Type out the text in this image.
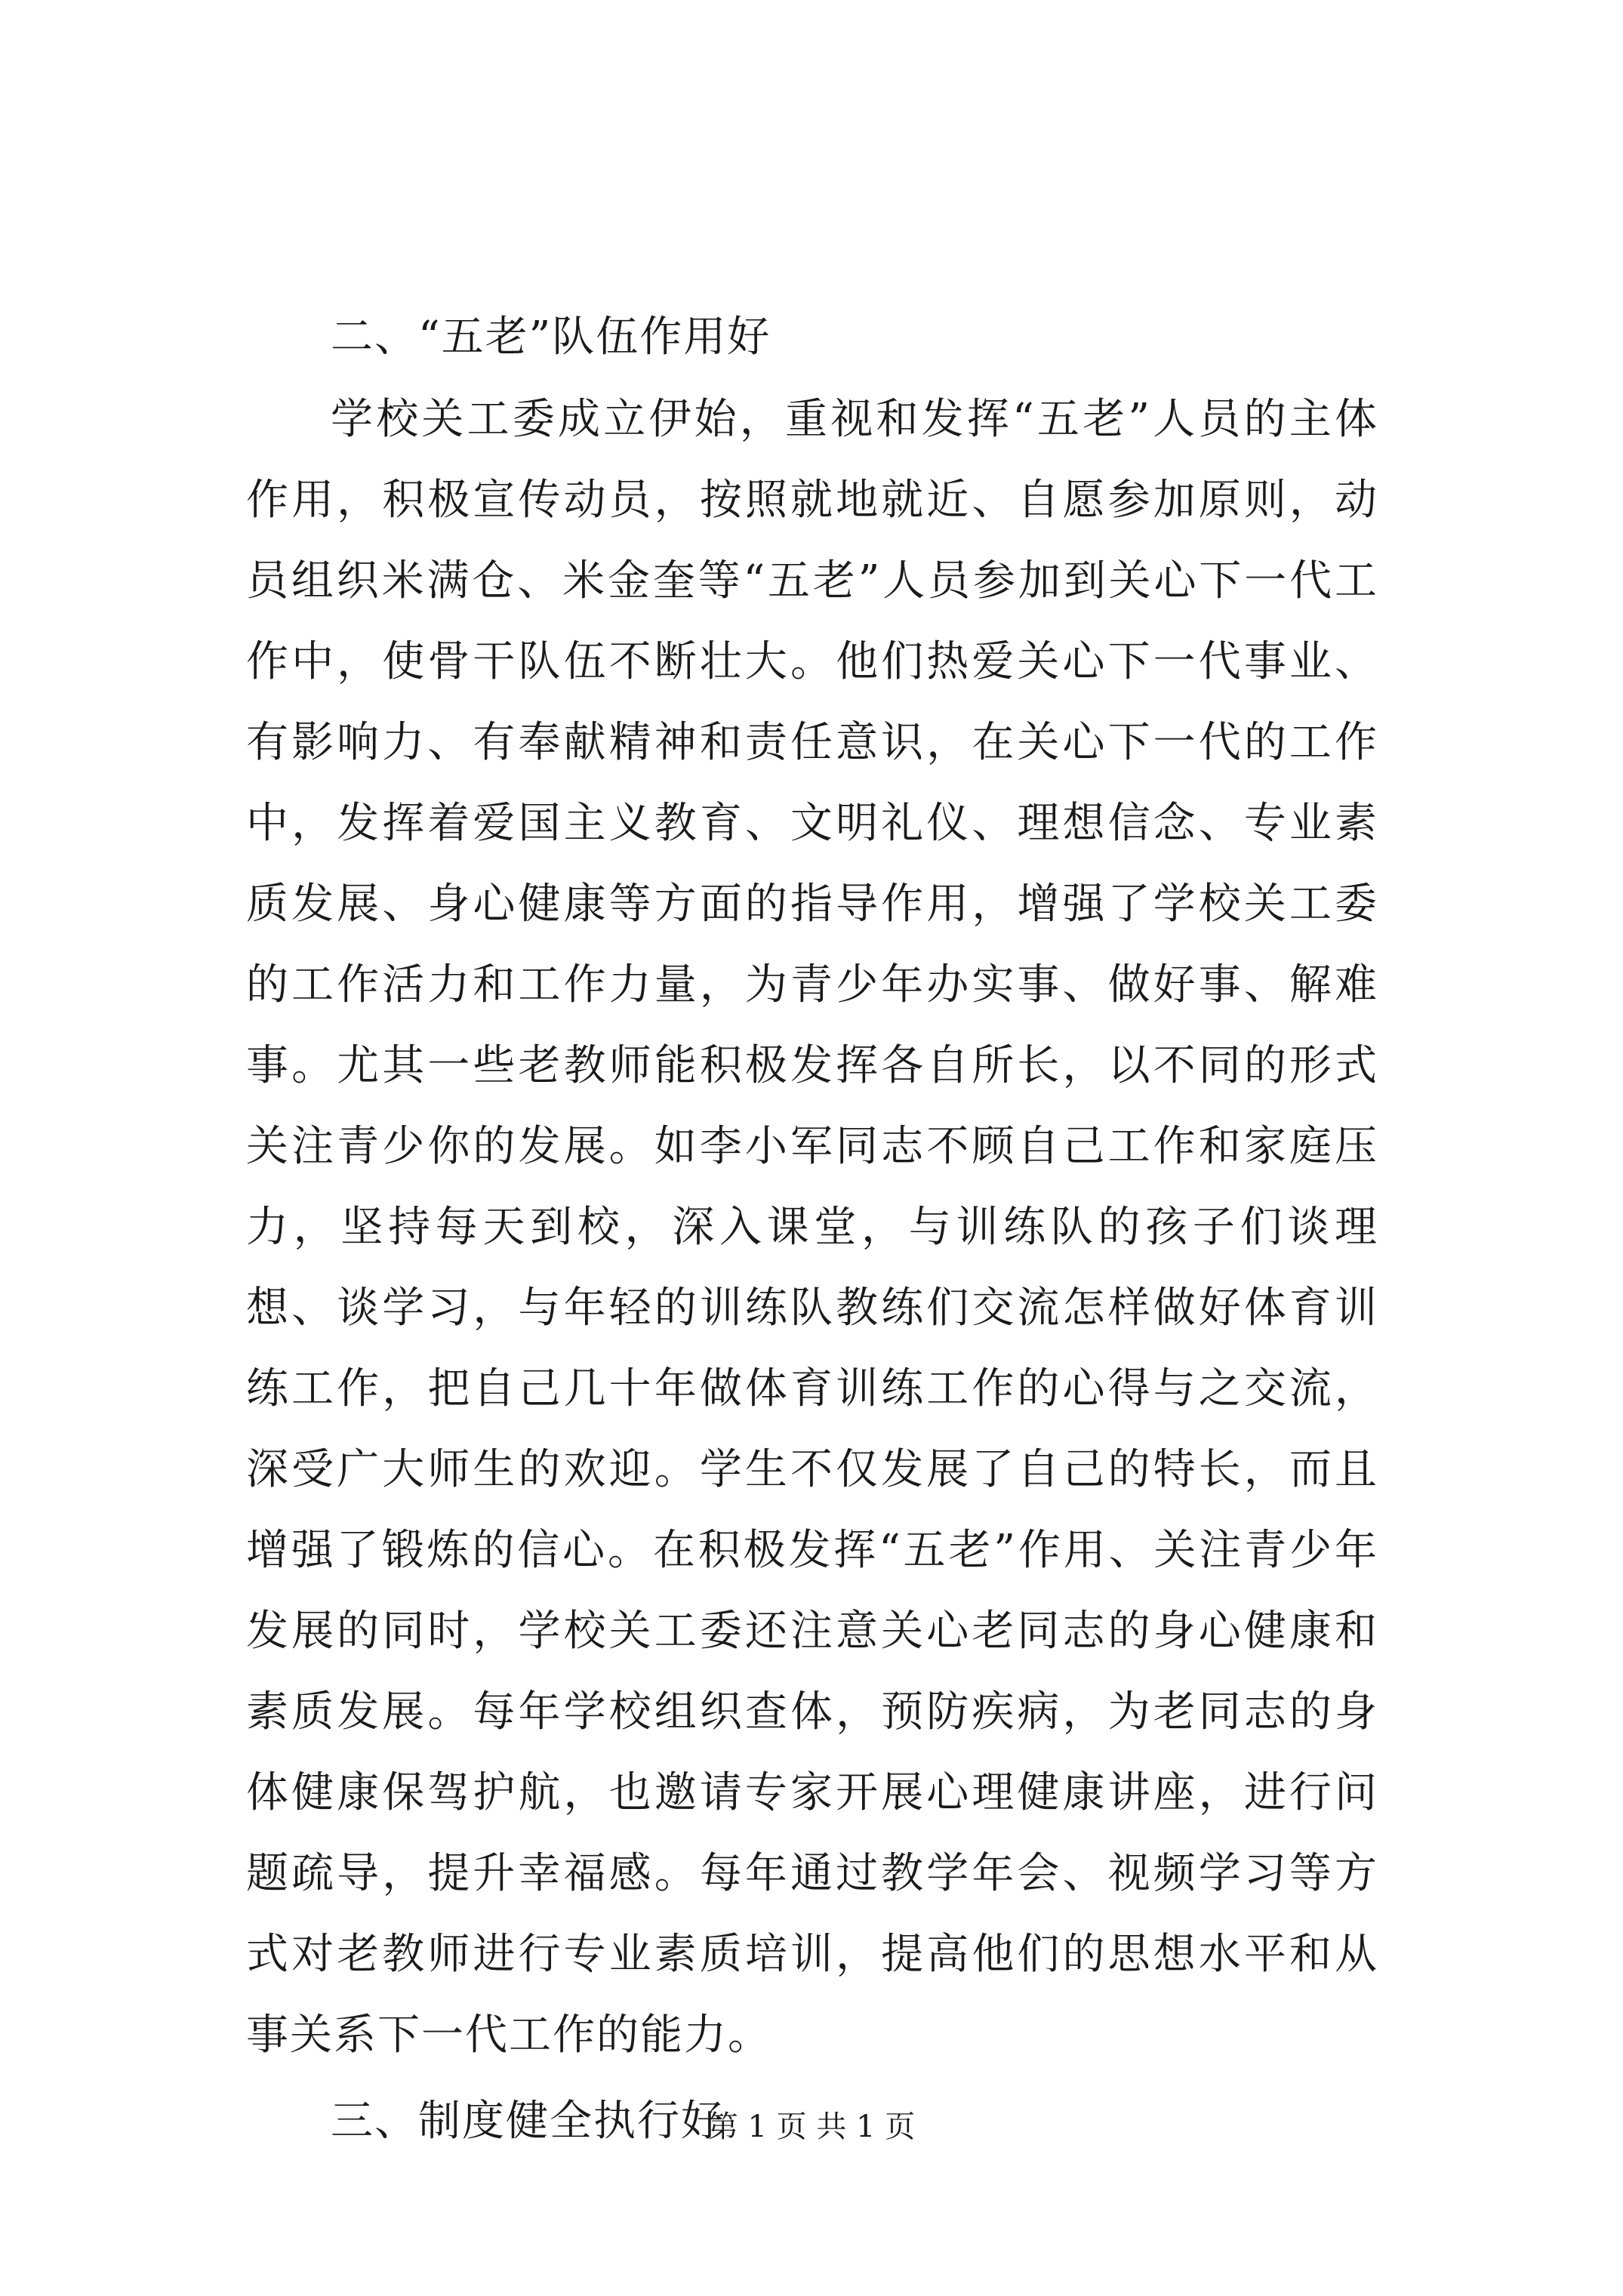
二、“五老”队伍作用好

学校关工委成立伊始，重视和发挥“五老”人员的主体作用，积极宣传动员，按照就地就近、自愿参加原则，动员组织米满仓、米金奎等“五老”人员参加到关心下一代工作中，使骨干队伍不断壮大。他们热爱关心下一代事业、有影响力、有奉献精神和责任意识，在关心下一代的工作中，发挥着爱国主义教育、文明礼仪、理想信念、专业素质发展、身心健康等方面的指导作用，增强了学校关工委的工作活力和工作力量，为青少年办实事、做好事、解难事。尤其一些老教师能积极发挥各自所长，以不同的形式关注青少你的发展。如李小军同志不顾自己工作和家庭压力，坚持每天到校，深入课堂，与训练队的孩子们谈理想、谈学习，与年轻的训练队教练们交流怎样做好体育训练工作，把自己几十年做体育训练工作的心得与之交流，深受广大师生的欢迎。学生不仅发展了自己的特长，而且增强了锻炼的信心。在积极发挥“五老”作用、关注青少年发展的同时，学校关工委还注意关心老同志的身心健康和素质发展。每年学校组织查体，预防疾病，为老同志的身体健康保驾护航，也邀请专家开展心理健康讲座，进行问题疏导，提升幸福感。每年通过教学年会、视频学习等方式对老教师进行专业素质培训，提高他们的思想水平和从事关系下一代工作的能力。

三、制度健全执行好

第 1 页 共 1 页
